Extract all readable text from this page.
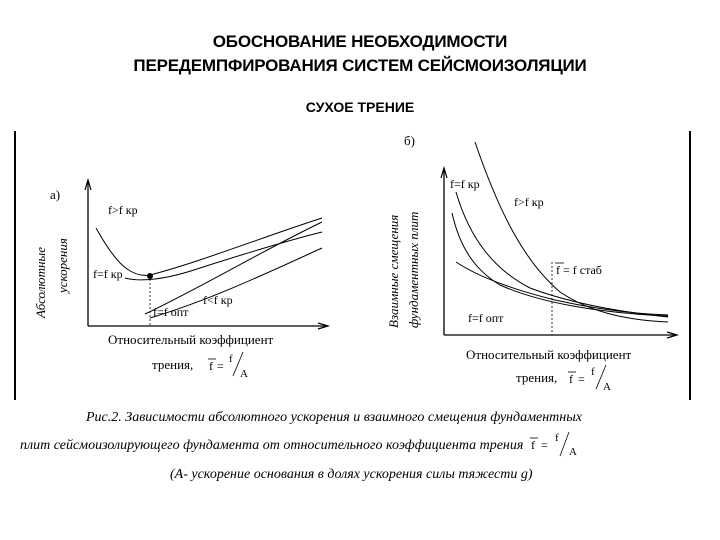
ОБОСНОВАНИЕ НЕОБХОДИМОСТИ
ПЕРЕДЕМПФИРОВАНИЯ СИСТЕМ СЕЙСМОИЗОЛЯЦИИ
СУХОЕ ТРЕНИЕ
а)
Абсолютные ускорения
f>f кр
f=f кр
f<f кр
f=f опт
Относительный коэффициент
трения, f = f
A
б)
Взаимные смещения фундаментных плит
f=f кр
f>f кр
f = f стаб
f=f опт
Относительный коэффициент
трения, f = f
A
Рис.2. Зависимости абсолютного ускорения и взаимного смещения фундаментных
плит сейсмоизолирующего фундамента от относительного коэффициента трения f = f
A
(А- ускорение основания в долях ускорения силы тяжести g)
